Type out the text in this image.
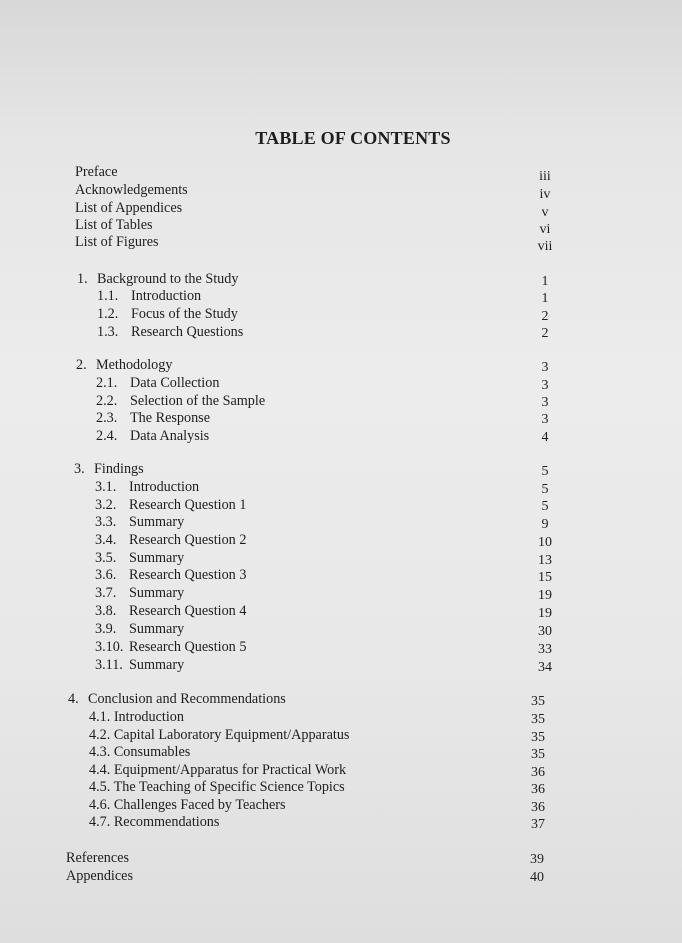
TABLE OF CONTENTS
Preface	iii
Acknowledgements	iv
List of Appendices	v
List of Tables	vi
List of Figures	vii
1. Background to the Study	1
1.1. Introduction	1
1.2. Focus of the Study	2
1.3. Research Questions	2
2. Methodology	3
2.1. Data Collection	3
2.2. Selection of the Sample	3
2.3. The Response	3
2.4. Data Analysis	4
3. Findings	5
3.1. Introduction	5
3.2. Research Question 1	5
3.3. Summary	9
3.4. Research Question 2	10
3.5. Summary	13
3.6. Research Question 3	15
3.7. Summary	19
3.8. Research Question 4	19
3.9. Summary	30
3.10. Research Question 5	33
3.11. Summary	34
4. Conclusion and Recommendations	35
4.1. Introduction	35
4.2. Capital Laboratory Equipment/Apparatus	35
4.3. Consumables	35
4.4. Equipment/Apparatus for Practical Work	36
4.5. The Teaching of Specific Science Topics	36
4.6. Challenges Faced by Teachers	36
4.7. Recommendations	37
References	39
Appendices	40
